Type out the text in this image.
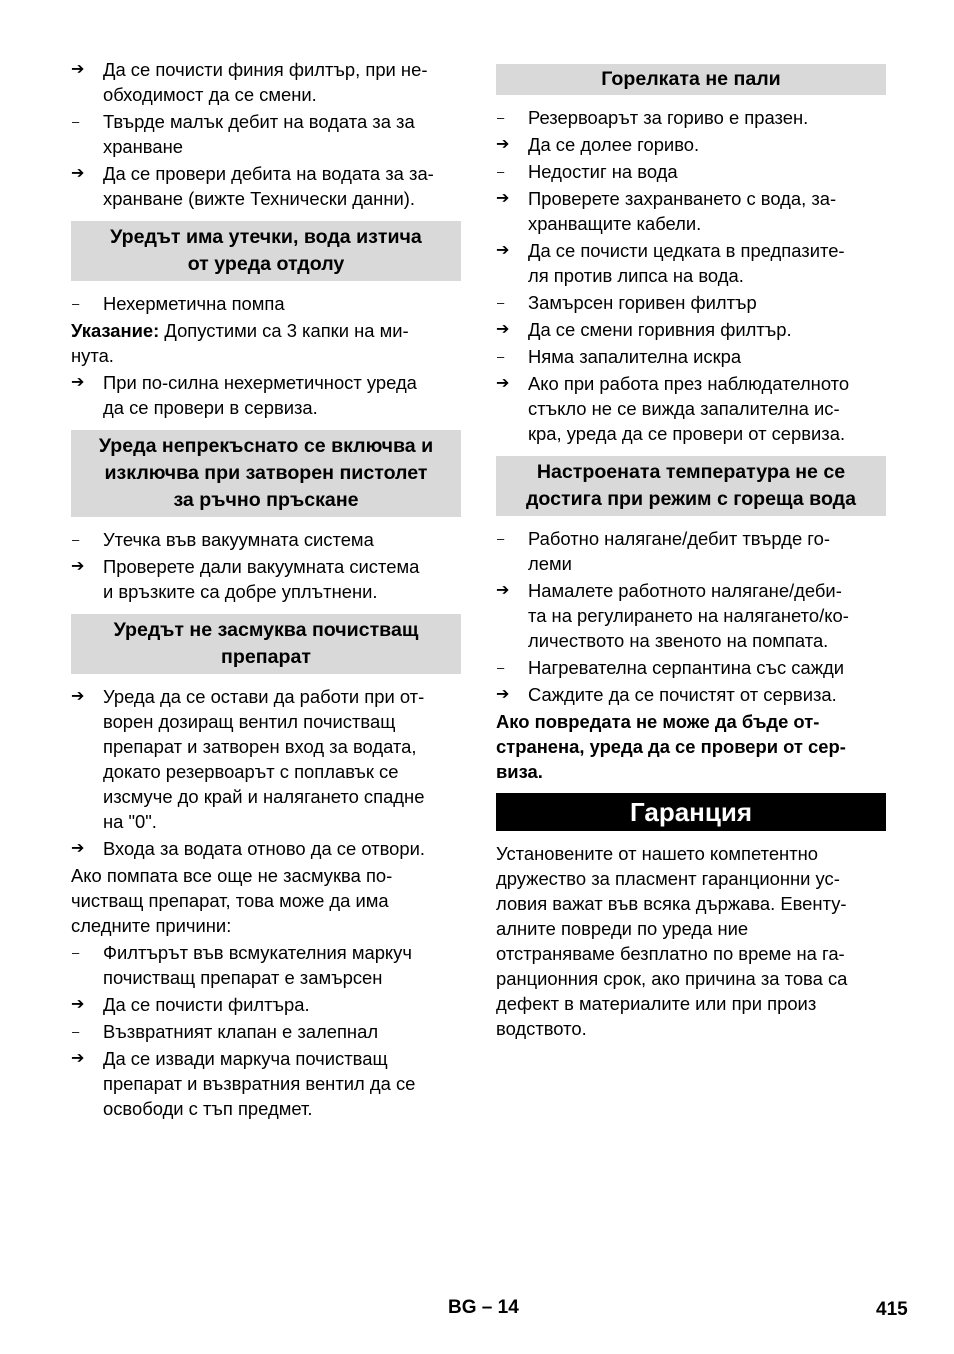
➔	Да се почисти финия филтър, при не-
обходимост да се смени.
–	Твърде малък дебит на водата за за
хранване
➔	Да се провери дебита на водата за за-
хранване (вижте Технически данни).
Уредът има утечки, вода изтича
от уреда отдолу
–	Нехерметична помпа
Указание: Допустими са 3 капки на ми-
нута.
➔	При по-силна нехерметичност уреда
да се провери в сервиза.
Уреда непрекъснато се включва и
изключва при затворен пистолет
за ръчно пръскане
–	Утечка във вакуумната система
➔	Проверете дали вакуумната система
и връзките са добре уплътнени.
Уредът не засмуква почистващ
препарат
➔	Уреда да се остави да работи при от-
ворен дозиращ вентил почистващ
препарат и затворен вход за водата,
докато резервоарът с поплавък се
изсмуче до край и налягането спадне
на "0".
➔	Входа за водата отново да се отвори.
Ако помпата все още не засмуква по-
чистващ препарат, това може да има
следните причини:
–	Филтърът във всмукателния маркуч
почистващ препарат е замърсен
➔	Да се почисти филтъра.
–	Възвратният клапан е залепнал
➔	Да се извади маркуча почистващ
препарат и възвратния вентил да се
освободи с тъп предмет.
Горелката не пали
–	Резервоарът за гориво е празен.
➔	Да се долее гориво.
–	Недостиг на вода
➔	Проверете захранването с вода, за-
хранващите кабели.
➔	Да се почисти цедката в предпазите-
ля против липса на вода.
–	Замърсен горивен филтър
➔	Да се смени горивния филтър.
–	Няма запалителна искра
➔	Ако при работа през наблюдателното
стъкло не се вижда запалителна ис-
кра, уреда да се провери от сервиза.
Настроената температура не се
достига при режим с гореща вода
–	Работно налягане/дебит твърде го-
леми
➔	Намалете работното налягане/деби-
та на регулирането на налягането/ко-
личеството на звеното на помпата.
–	Нагревателна серпантина със сажди
➔	Саждите да се почистят от сервиза.
Ако повредата не може да бъде от-
странена, уреда да се провери от сер-
виза.
Гаранция
Установените от нашето компетентно
дружество за пласмент гаранционни ус-
ловия важат във всяка държава. Евенту-
алните повреди по уреда ние
отстраняваме безплатно по време на га-
ранционния срок, ако причина за това са
дефект в материалите или при произ
водството.
BG – 14	415
